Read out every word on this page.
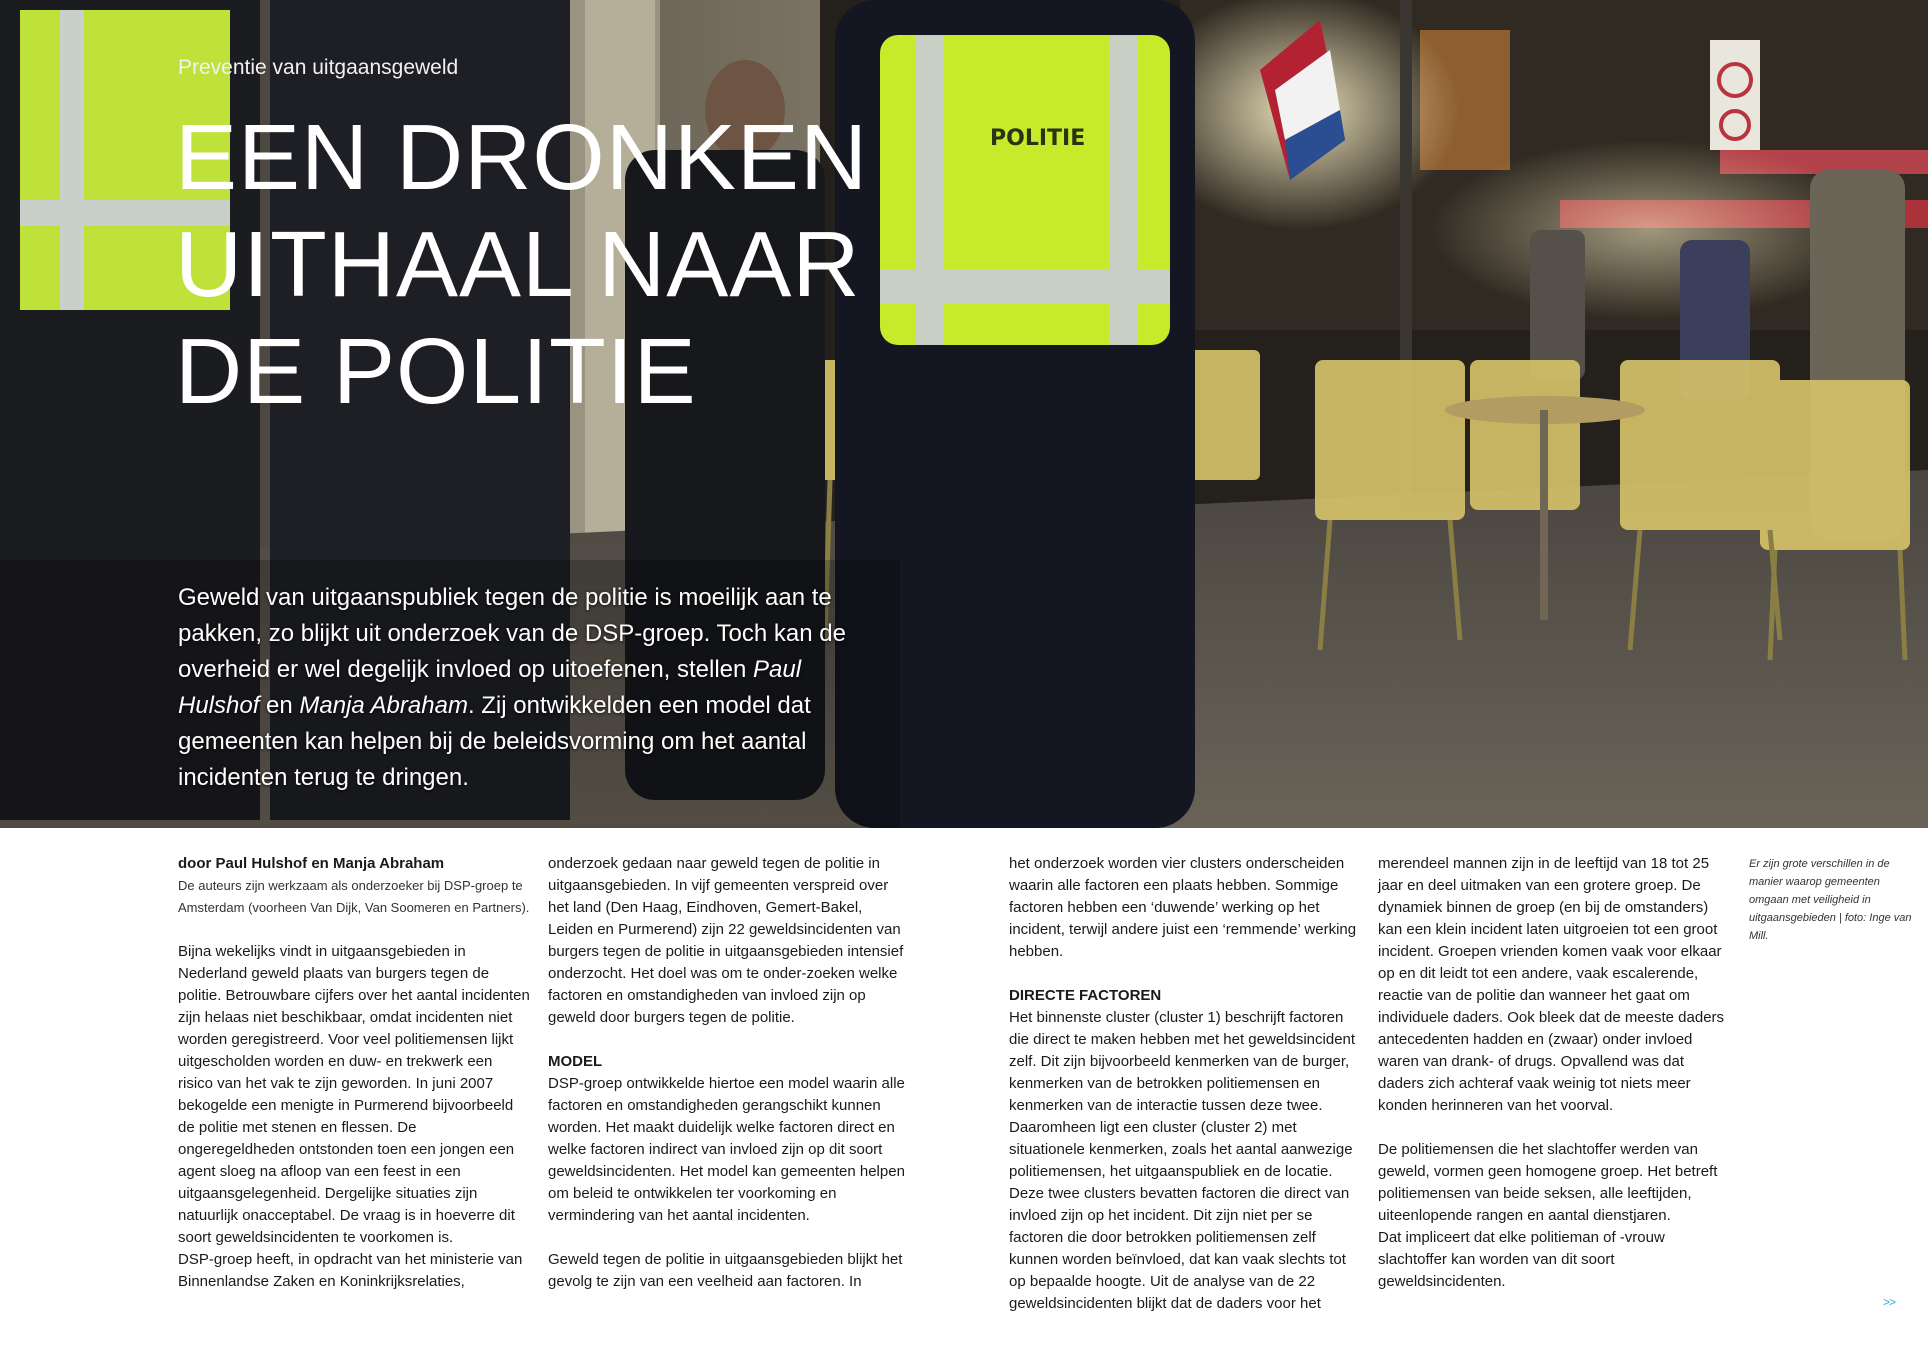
POLITIE

Preventie van uitgaansgeweld

EEN DRONKEN
UITHAAL NAAR
DE POLITIE

Geweld van uitgaanspubliek tegen de politie is moeilijk aan te pakken, zo blijkt uit onderzoek van de DSP-groep. Toch kan de overheid er wel degelijk invloed op uitoefenen, stellen Paul Hulshof en Manja Abraham. Zij ontwikkelden een model dat gemeenten kan helpen bij de beleidsvorming om het aantal incidenten terug te dringen.

door Paul Hulshof en Manja Abraham

De auteurs zijn werkzaam als onderzoeker bij DSP-groep te Amsterdam (voorheen Van Dijk, Van Soomeren en Partners).

Bijna wekelijks vindt in uitgaansgebieden in Nederland geweld plaats van burgers tegen de politie. Betrouwbare cijfers over het aantal incidenten zijn helaas niet beschikbaar, omdat incidenten niet worden geregistreerd. Voor veel politiemensen lijkt uitgescholden worden en duw- en trekwerk een risico van het vak te zijn geworden. In juni 2007 bekogelde een menigte in Purmerend bijvoorbeeld de politie met stenen en flessen. De ongeregeldheden ontstonden toen een jongen een agent sloeg na afloop van een feest in een uitgaansgelegenheid. Dergelijke situaties zijn natuurlijk onacceptabel. De vraag is in hoeverre dit soort geweldsincidenten te voorkomen is.

DSP-groep heeft, in opdracht van het ministerie van Binnenlandse Zaken en Koninkrijksrelaties,

onderzoek gedaan naar geweld tegen de politie in uitgaansgebieden. In vijf gemeenten verspreid over het land (Den Haag, Eindhoven, Gemert-Bakel, Leiden en Purmerend) zijn 22 geweldsincidenten van burgers tegen de politie in uitgaansgebieden intensief onderzocht. Het doel was om te onder-zoeken welke factoren en omstandigheden van invloed zijn op geweld door burgers tegen de politie.

MODEL

DSP-groep ontwikkelde hiertoe een model waarin alle factoren en omstandigheden gerangschikt kunnen worden. Het maakt duidelijk welke factoren direct en welke factoren indirect van invloed zijn op dit soort geweldsincidenten. Het model kan gemeenten helpen om beleid te ontwikkelen ter voorkoming en vermindering van het aantal incidenten.

Geweld tegen de politie in uitgaansgebieden blijkt het gevolg te zijn van een veelheid aan factoren. In

het onderzoek worden vier clusters onderscheiden waarin alle factoren een plaats hebben. Sommige factoren hebben een ‘duwende’ werking op het incident, terwijl andere juist een ‘remmende’ werking hebben.

DIRECTE FACTOREN

Het binnenste cluster (cluster 1) beschrijft factoren die direct te maken hebben met het geweldsincident zelf. Dit zijn bijvoorbeeld kenmerken van de burger, kenmerken van de betrokken politiemensen en kenmerken van de interactie tussen deze twee. Daaromheen ligt een cluster (cluster 2) met situationele kenmerken, zoals het aantal aanwezige politiemensen, het uitgaanspubliek en de locatie. Deze twee clusters bevatten factoren die direct van invloed zijn op het incident. Dit zijn niet per se factoren die door betrokken politiemensen zelf kunnen worden beïnvloed, dat kan vaak slechts tot op bepaalde hoogte. Uit de analyse van de 22 geweldsincidenten blijkt dat de daders voor het

merendeel mannen zijn in de leeftijd van 18 tot 25 jaar en deel uitmaken van een grotere groep. De dynamiek binnen de groep (en bij de omstanders) kan een klein incident laten uitgroeien tot een groot incident. Groepen vrienden komen vaak voor elkaar op en dit leidt tot een andere, vaak escalerende, reactie van de politie dan wanneer het gaat om individuele daders. Ook bleek dat de meeste daders antecedenten hadden en (zwaar) onder invloed waren van drank- of drugs. Opvallend was dat daders zich achteraf vaak weinig tot niets meer konden herinneren van het voorval.

De politiemensen die het slachtoffer werden van geweld, vormen geen homogene groep. Het betreft politiemensen van beide seksen, alle leeftijden, uiteenlopende rangen en aantal dienstjaren.

Dat impliceert dat elke politieman of -vrouw slachtoffer kan worden van dit soort geweldsincidenten.

Er zijn grote verschillen in de manier waarop gemeenten omgaan met veiligheid in uitgaansgebieden | foto: Inge van Mill.

>>
